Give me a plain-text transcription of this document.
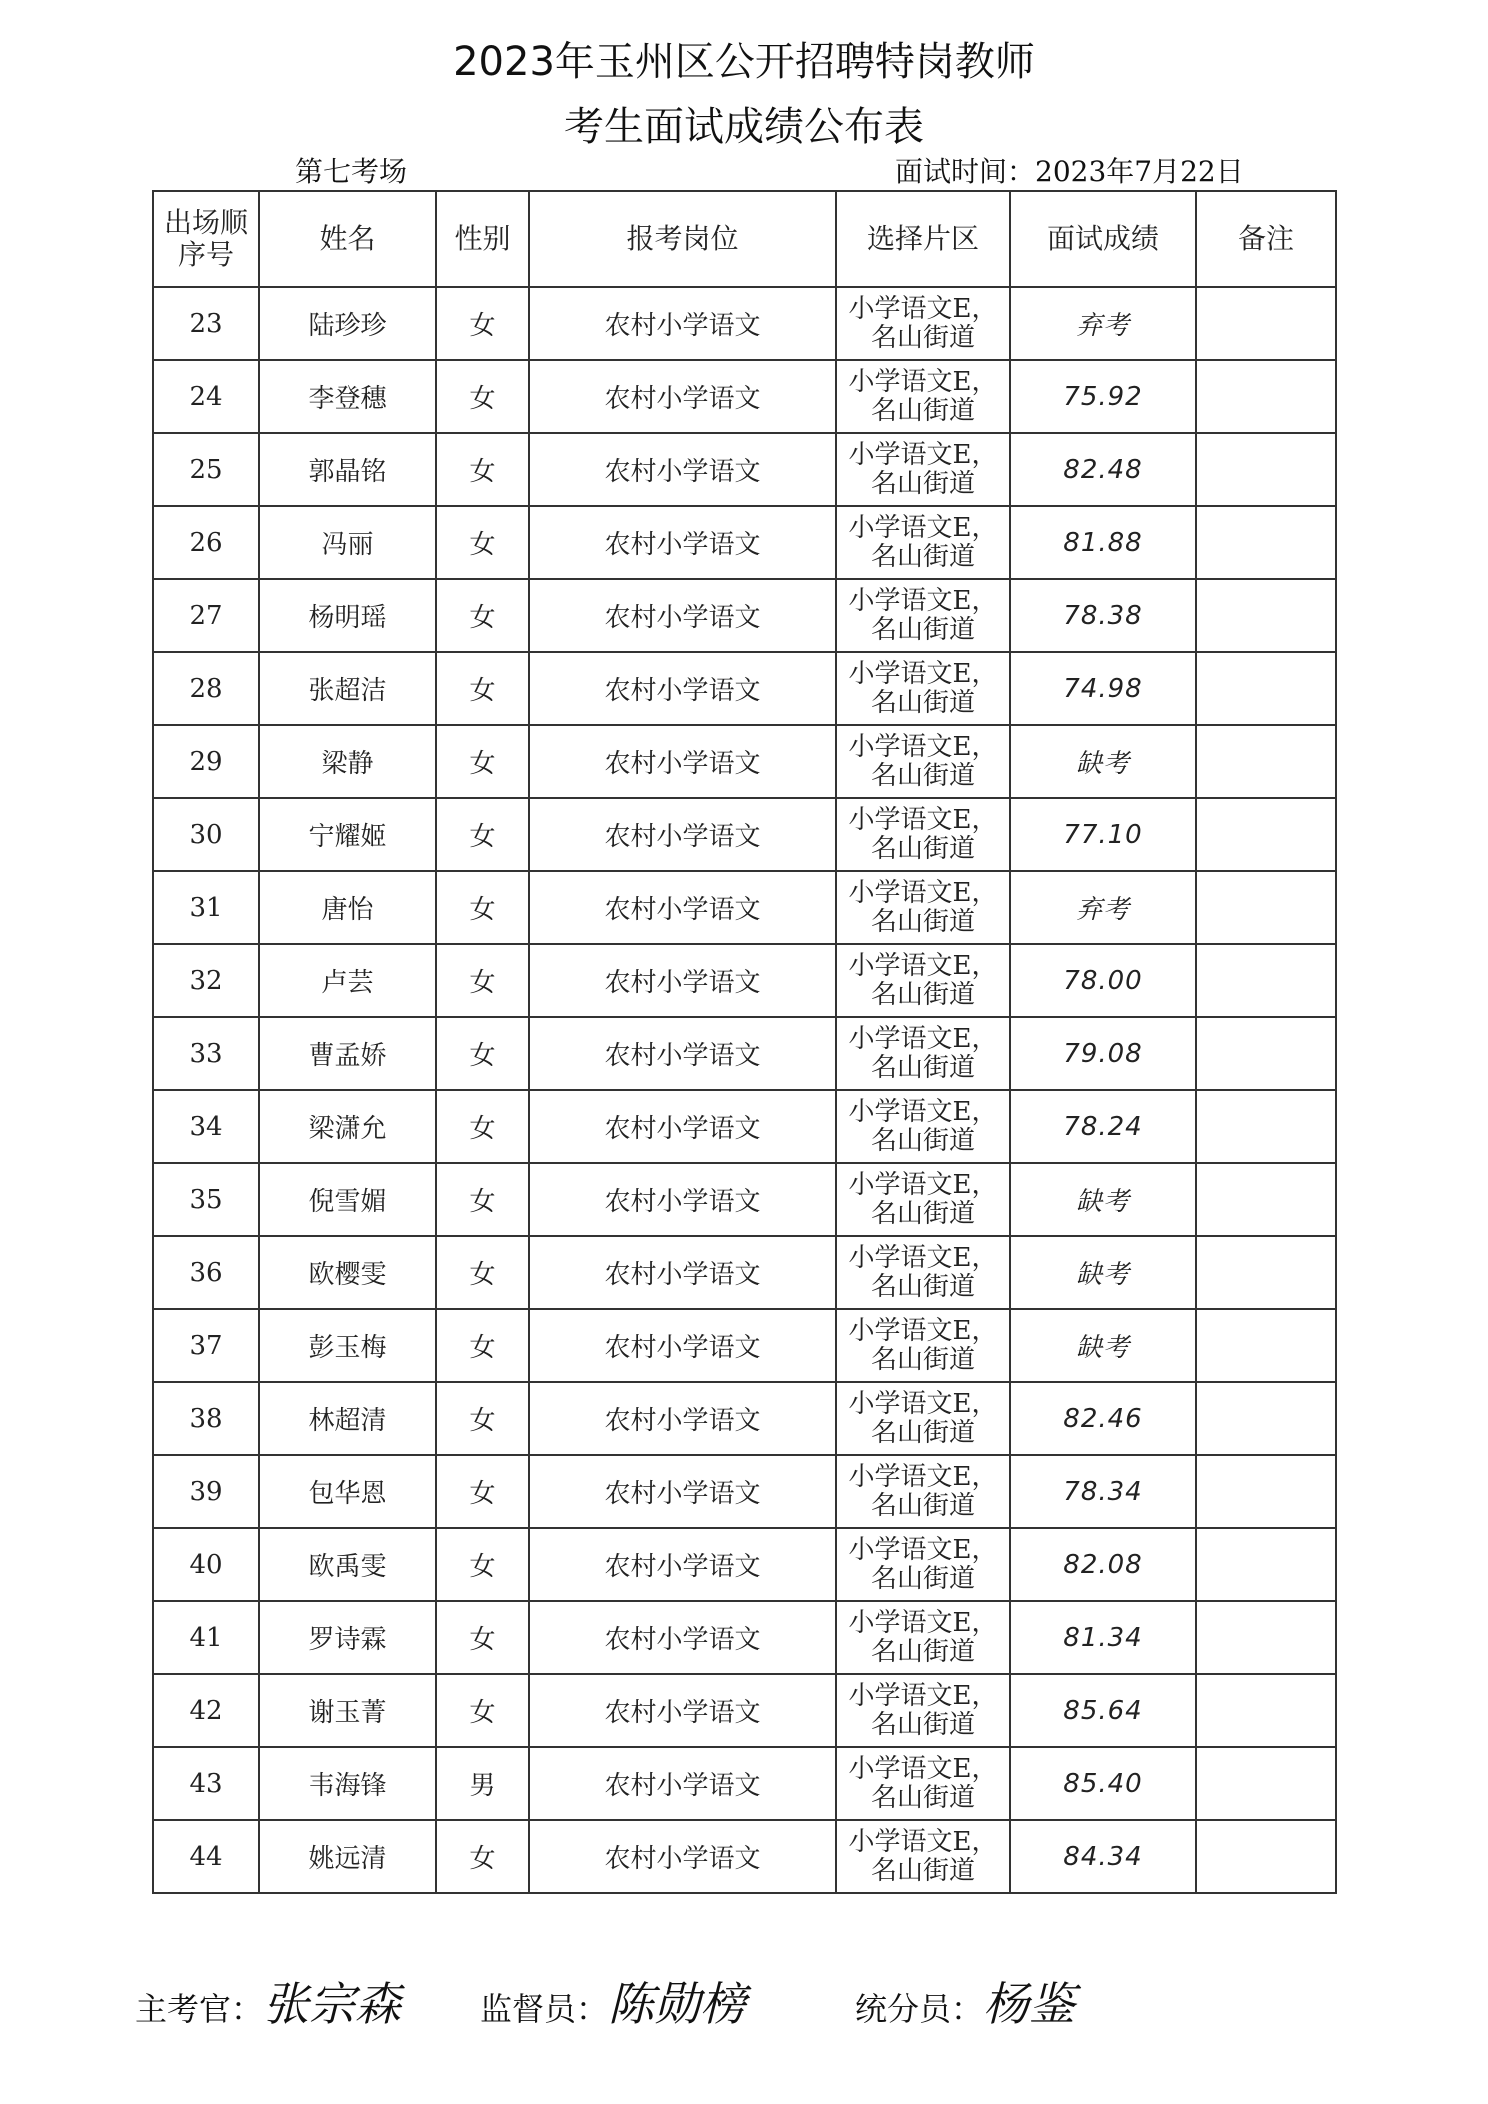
2023年玉州区公开招聘特岗教师
考生面试成绩公布表
第七考场	面试时间：2023年7月22日
出场顺序号	姓名	性别	报考岗位	选择片区	面试成绩	备注
23	陆珍珍	女	农村小学语文	小学语文E，名山街道	弃考	
24	李登穗	女	农村小学语文	小学语文E，名山街道	75.92	
25	郭晶铭	女	农村小学语文	小学语文E，名山街道	82.48	
26	冯丽	女	农村小学语文	小学语文E，名山街道	81.88	
27	杨明瑶	女	农村小学语文	小学语文E，名山街道	78.38	
28	张超洁	女	农村小学语文	小学语文E，名山街道	74.98	
29	梁静	女	农村小学语文	小学语文E，名山街道	缺考	
30	宁耀姬	女	农村小学语文	小学语文E，名山街道	77.10	
31	唐怡	女	农村小学语文	小学语文E，名山街道	弃考	
32	卢芸	女	农村小学语文	小学语文E，名山街道	78.00	
33	曹孟娇	女	农村小学语文	小学语文E，名山街道	79.08	
34	梁潇允	女	农村小学语文	小学语文E，名山街道	78.24	
35	倪雪媚	女	农村小学语文	小学语文E，名山街道	缺考	
36	欧樱雯	女	农村小学语文	小学语文E，名山街道	缺考	
37	彭玉梅	女	农村小学语文	小学语文E，名山街道	缺考	
38	林超清	女	农村小学语文	小学语文E，名山街道	82.46	
39	包华恩	女	农村小学语文	小学语文E，名山街道	78.34	
40	欧禹雯	女	农村小学语文	小学语文E，名山街道	82.08	
41	罗诗霖	女	农村小学语文	小学语文E，名山街道	81.34	
42	谢玉菁	女	农村小学语文	小学语文E，名山街道	85.64	
43	韦海锋	男	农村小学语文	小学语文E，名山街道	85.40	
44	姚远清	女	农村小学语文	小学语文E，名山街道	84.34	
主考官：张宗森 监督员：陈勋榜	统分员：杨鉴
